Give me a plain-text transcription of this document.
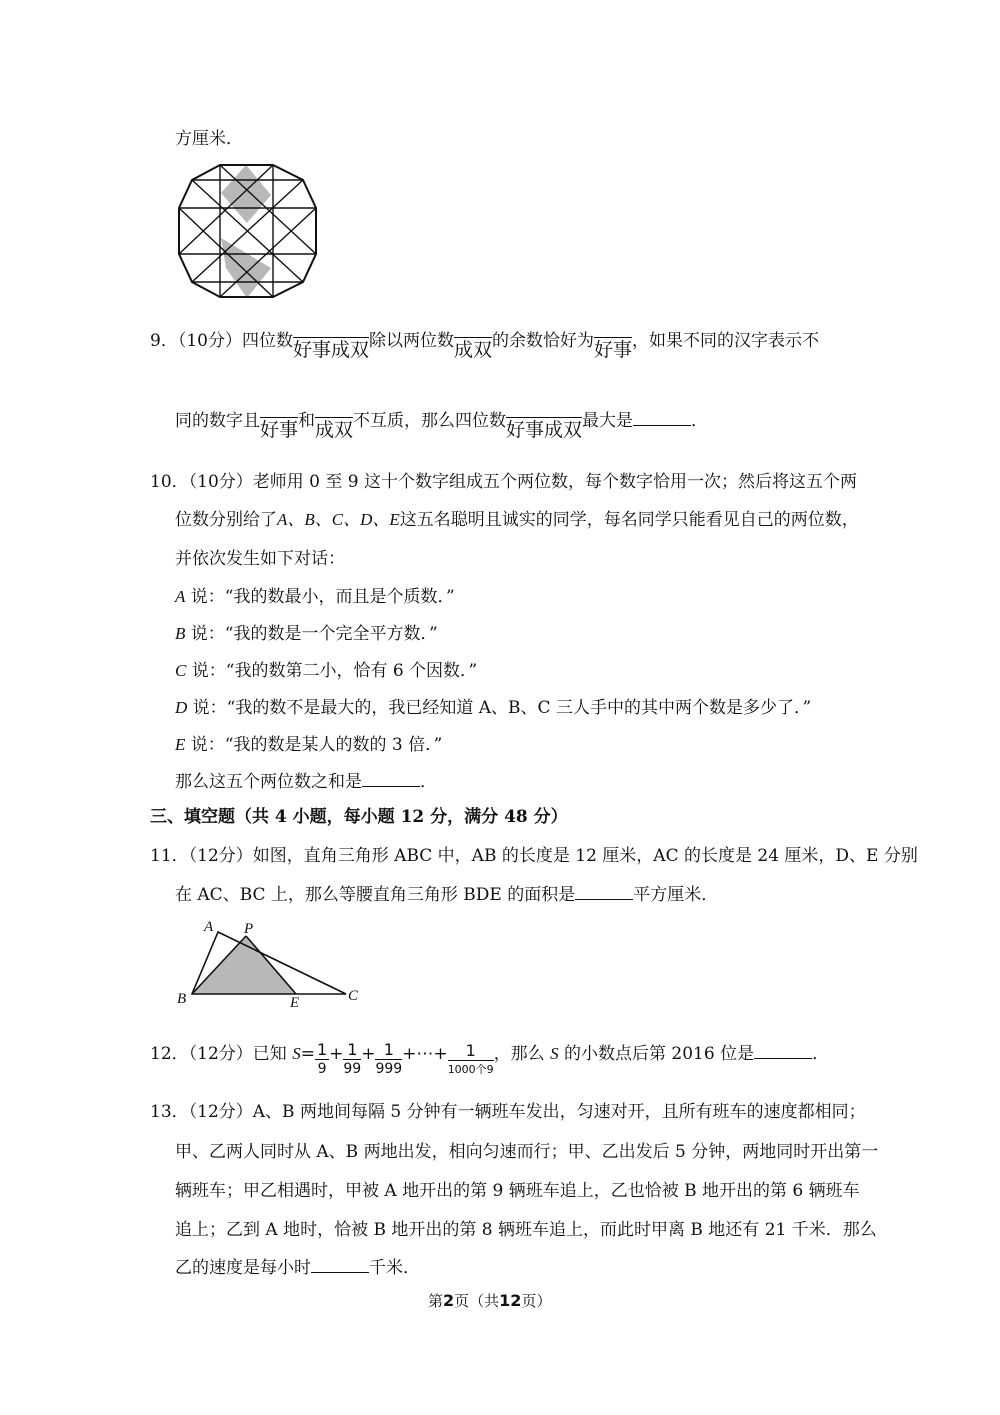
方厘米．
9．（10分）四位数好事成双除以两位数成双的余数恰好为好事，如果不同的汉字表示不
同的数字且好事和成双不互质，那么四位数好事成双最大是	．
10．（10分）老师用 0 至 9 这十个数字组成五个两位数，每个数字恰用一次；然后将这五个两
位数分别给了A、B、C、D、E这五名聪明且诚实的同学，每名同学只能看见自己的两位数，
并依次发生如下对话：
A 说：“我的数最小，而且是个质数．”
B 说：“我的数是一个完全平方数．”
C 说：“我的数第二小，恰有 6 个因数．”
D 说：“我的数不是最大的，我已经知道 A、B、C 三人手中的其中两个数是多少了．”
E 说：“我的数是某人的数的 3 倍．”
那么这五个两位数之和是	．
三、填空题（共 4 小题，每小题 12 分，满分 48 分）
11．（12分）如图，直角三角形 ABC 中，AB 的长度是 12 厘米，AC 的长度是 24 厘米，D、E 分别
在 AC、BC 上，那么等腰直角三角形 BDE 的面积是	平方厘米．
A P
B	E	C
12．（12分）已知 $S= \frac{1}{9} + \frac{1}{99} + \frac{1}{999}$ +⋯+ $\frac{1}{\text{1000个9}}$ ，那么 S 的小数点后第 2016 位是	．
13．（12分）A、B 两地间每隔 5 分钟有一辆班车发出，匀速对开，且所有班车的速度都相同；
甲、乙两人同时从 A、B 两地出发，相向匀速而行；甲、乙出发后 5 分钟，两地同时开出第一
辆班车；甲乙相遇时，甲被 A 地开出的第 9 辆班车追上，乙也恰被 B 地开出的第 6 辆班车
追上；乙到 A 地时，恰被 B 地开出的第 8 辆班车追上，而此时甲离 B 地还有 21 千米．那么
乙的速度是每小时	千米．
第2页（共12页）
